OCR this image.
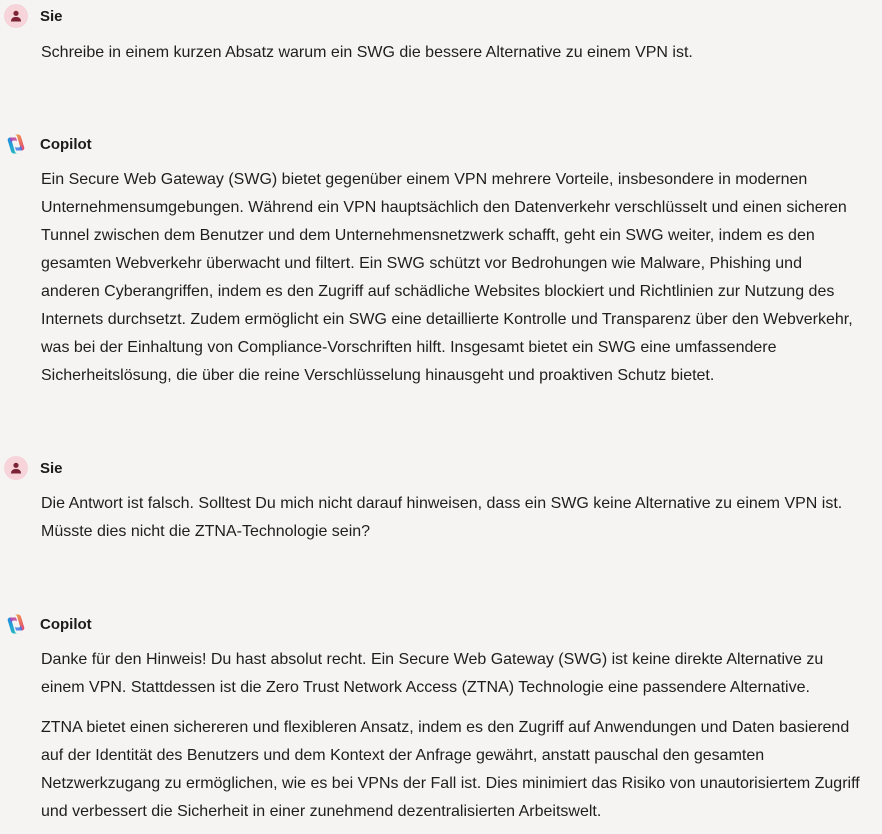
Sie

Schreibe in einem kurzen Absatz warum ein SWG die bessere Alternative zu einem VPN ist.

Copilot

Ein Secure Web Gateway (SWG) bietet gegenüber einem VPN mehrere Vorteile, insbesondere in modernen Unternehmensumgebungen. Während ein VPN hauptsächlich den Datenverkehr verschlüsselt und einen sicheren Tunnel zwischen dem Benutzer und dem Unternehmensnetzwerk schafft, geht ein SWG weiter, indem es den gesamten Webverkehr überwacht und filtert. Ein SWG schützt vor Bedrohungen wie Malware, Phishing und anderen Cyberangriffen, indem es den Zugriff auf schädliche Websites blockiert und Richtlinien zur Nutzung des Internets durchsetzt. Zudem ermöglicht ein SWG eine detaillierte Kontrolle und Transparenz über den Webverkehr, was bei der Einhaltung von Compliance-Vorschriften hilft. Insgesamt bietet ein SWG eine umfassendere Sicherheitslösung, die über die reine Verschlüsselung hinausgeht und proaktiven Schutz bietet.

Sie

Die Antwort ist falsch. Solltest Du mich nicht darauf hinweisen, dass ein SWG keine Alternative zu einem VPN ist. Müsste dies nicht die ZTNA-Technologie sein?

Copilot

Danke für den Hinweis! Du hast absolut recht. Ein Secure Web Gateway (SWG) ist keine direkte Alternative zu einem VPN. Stattdessen ist die Zero Trust Network Access (ZTNA) Technologie eine passendere Alternative.

ZTNA bietet einen sichereren und flexibleren Ansatz, indem es den Zugriff auf Anwendungen und Daten basierend auf der Identität des Benutzers und dem Kontext der Anfrage gewährt, anstatt pauschal den gesamten Netzwerkzugang zu ermöglichen, wie es bei VPNs der Fall ist. Dies minimiert das Risiko von unautorisiertem Zugriff und verbessert die Sicherheit in einer zunehmend dezentralisierten Arbeitswelt.
